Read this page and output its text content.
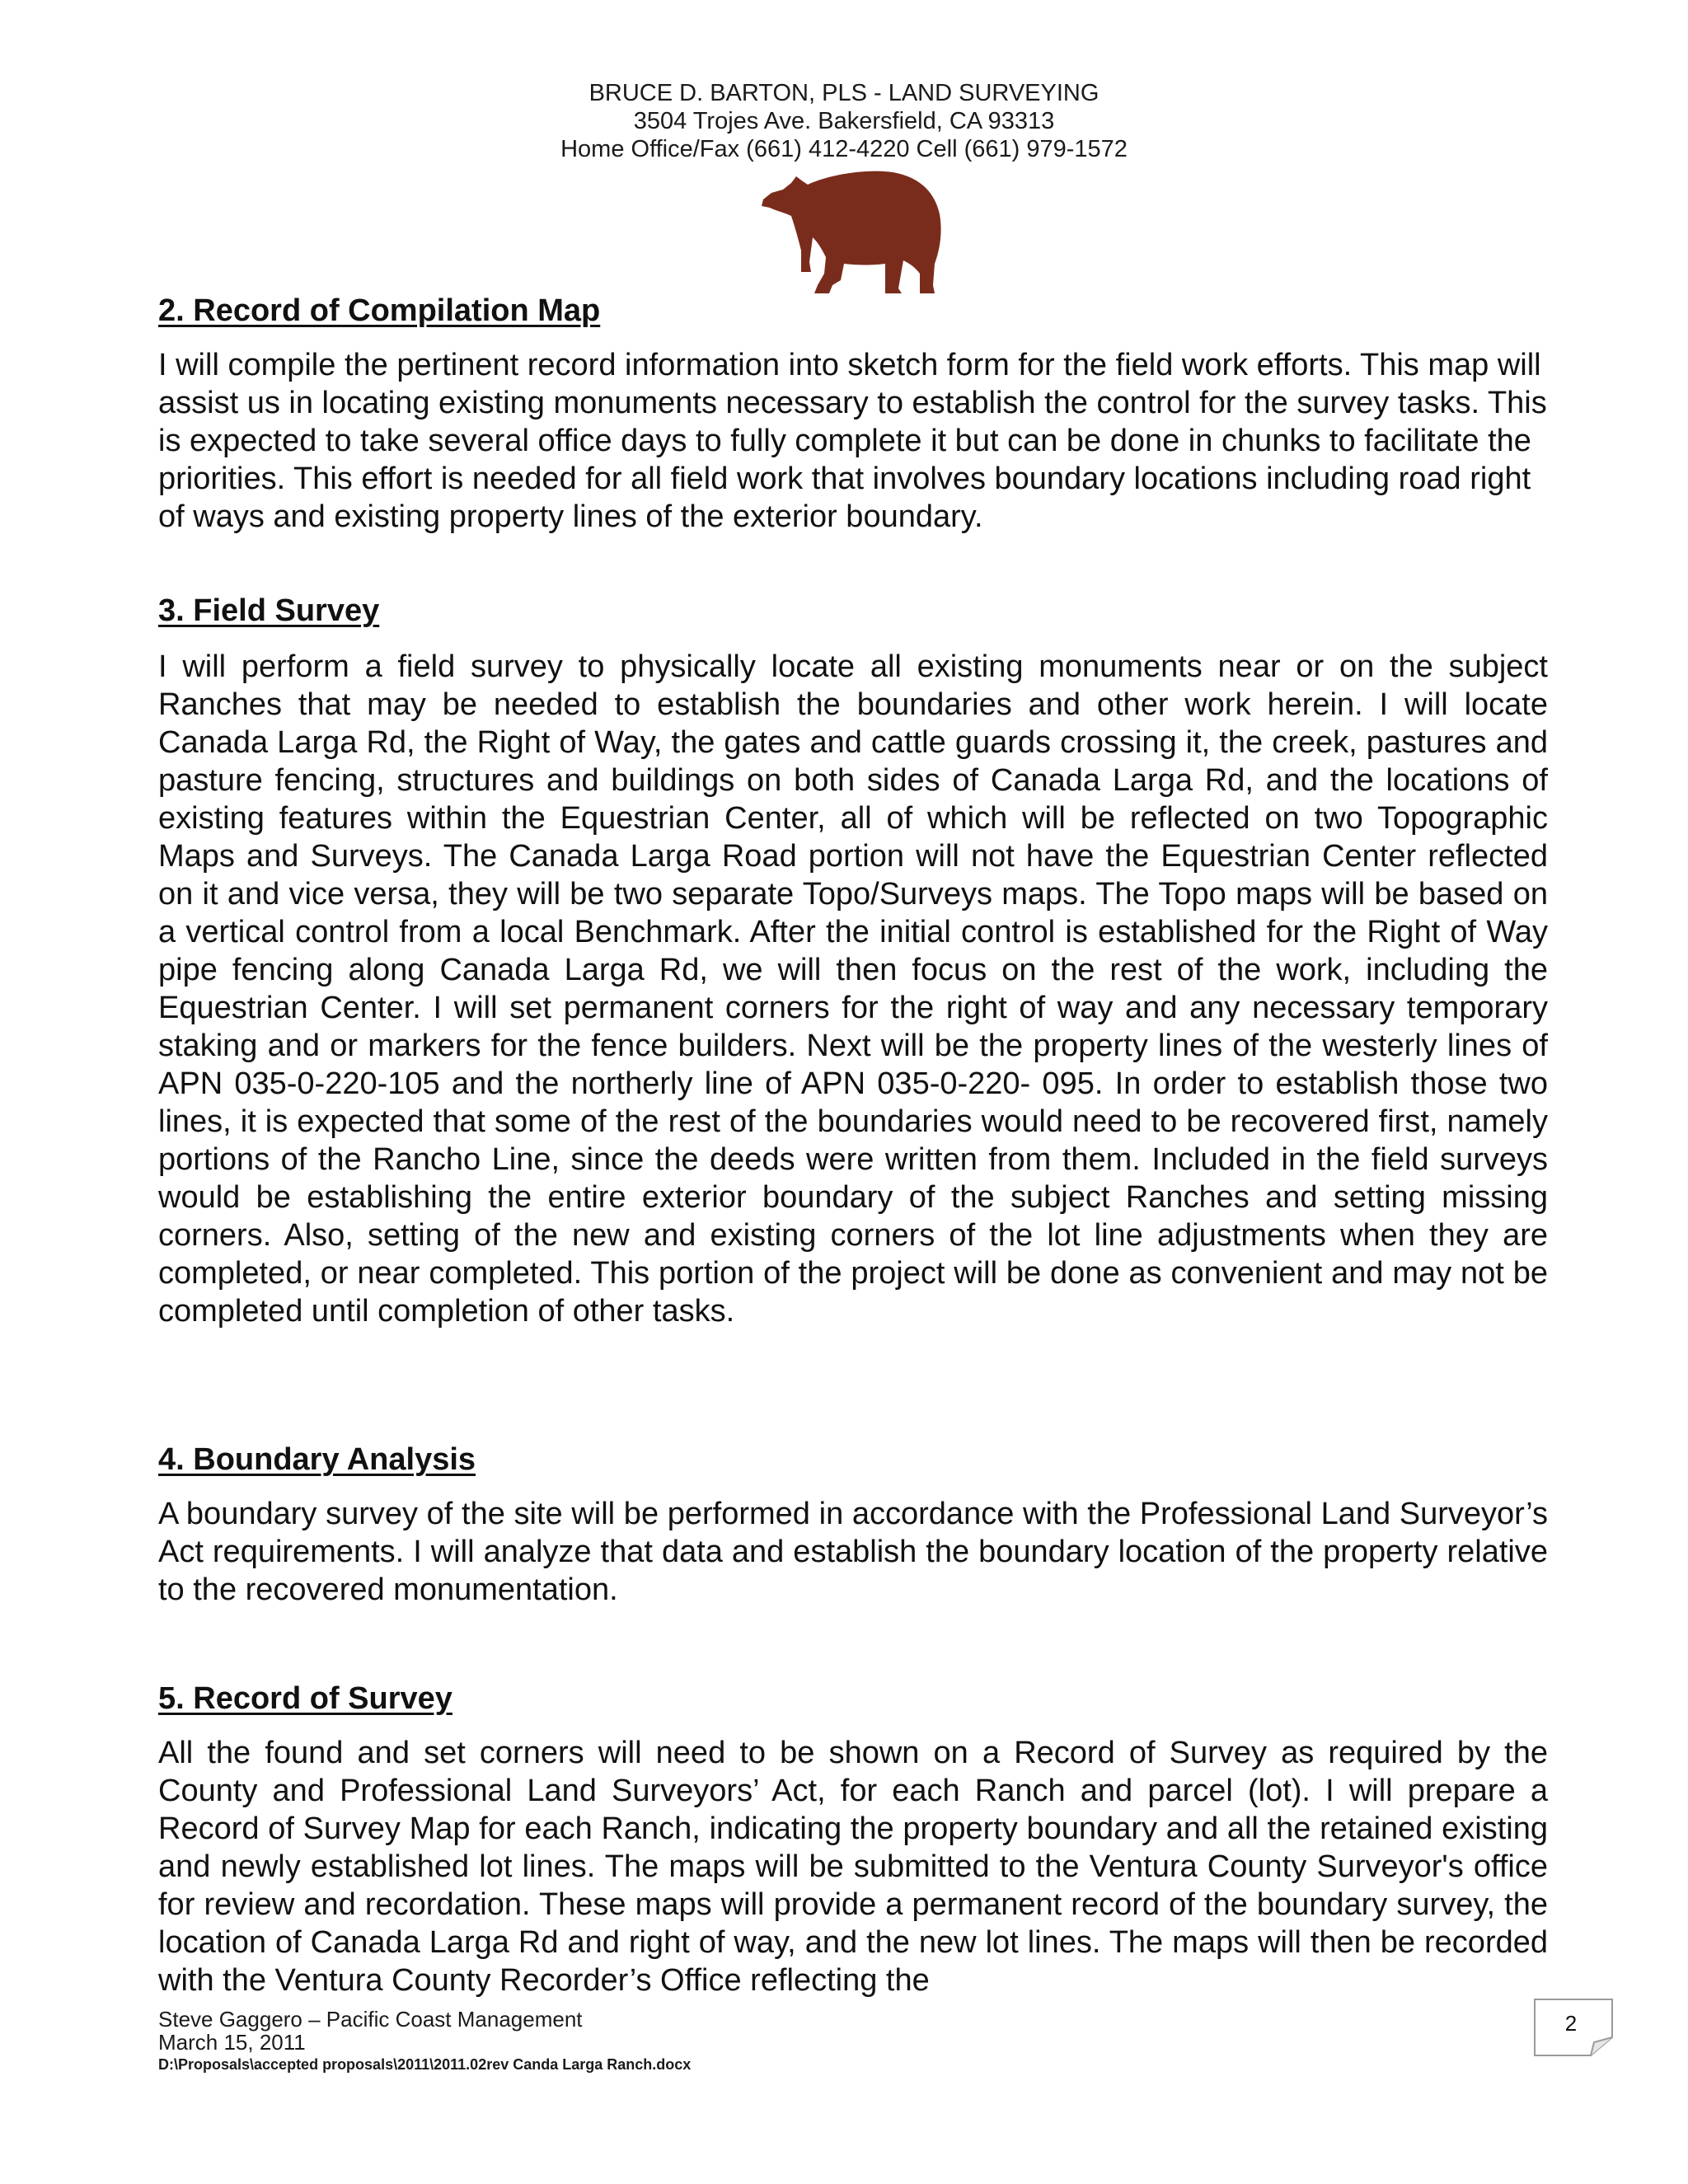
BRUCE D. BARTON, PLS - LAND SURVEYING
3504 Trojes Ave. Bakersfield, CA 93313
Home Office/Fax (661) 412-4220 Cell (661) 979-1572
2. Record of Compilation Map

I will compile the pertinent record information into sketch form for the field work efforts. This map will assist us in locating existing monuments necessary to establish the control for the survey tasks. This is expected to take several office days to fully complete it but can be done in chunks to facilitate the priorities. This effort is needed for all field work that involves boundary locations including road right of ways and existing property lines of the exterior boundary.

3. Field Survey

I will perform a field survey to physically locate all existing monuments near or on the subject Ranches that may be needed to establish the boundaries and other work herein. I will locate Canada Larga Rd, the Right of Way, the gates and cattle guards crossing it, the creek, pastures and pasture fencing, structures and buildings on both sides of Canada Larga Rd, and the locations of existing features within the Equestrian Center, all of which will be reflected on two Topographic Maps and Surveys. The Canada Larga Road portion will not have the Equestrian Center reflected on it and vice versa, they will be two separate Topo/Surveys maps. The Topo maps will be based on a vertical control from a local Benchmark. After the initial control is established for the Right of Way pipe fencing along Canada Larga Rd, we will then focus on the rest of the work, including the Equestrian Center. I will set permanent corners for the right of way and any necessary temporary staking and or markers for the fence builders. Next will be the property lines of the westerly lines of APN 035-0-220-105 and the northerly line of APN 035-0-220- 095. In order to establish those two lines, it is expected that some of the rest of the boundaries would need to be recovered first, namely portions of the Rancho Line, since the deeds were written from them. Included in the field surveys would be establishing the entire exterior boundary of the subject Ranches and setting missing corners. Also, setting of the new and existing corners of the lot line adjustments when they are completed, or near completed. This portion of the project will be done as convenient and may not be completed until completion of other tasks.

4. Boundary Analysis

A boundary survey of the site will be performed in accordance with the Professional Land Surveyor’s Act requirements. I will analyze that data and establish the boundary location of the property relative to the recovered monumentation.

5. Record of Survey

All the found and set corners will need to be shown on a Record of Survey as required by the County and Professional Land Surveyors’ Act, for each Ranch and parcel (lot). I will prepare a Record of Survey Map for each Ranch, indicating the property boundary and all the retained existing and newly established lot lines. The maps will be submitted to the Ventura County Surveyor's office for review and recordation. These maps will provide a permanent record of the boundary survey, the location of Canada Larga Rd and right of way, and the new lot lines. The maps will then be recorded with the Ventura County Recorder’s Office reflecting the

Steve Gaggero – Pacific Coast Management
March 15, 2011
D:\Proposals\accepted proposals\2011\2011.02rev Canda Larga Ranch.docx
2
